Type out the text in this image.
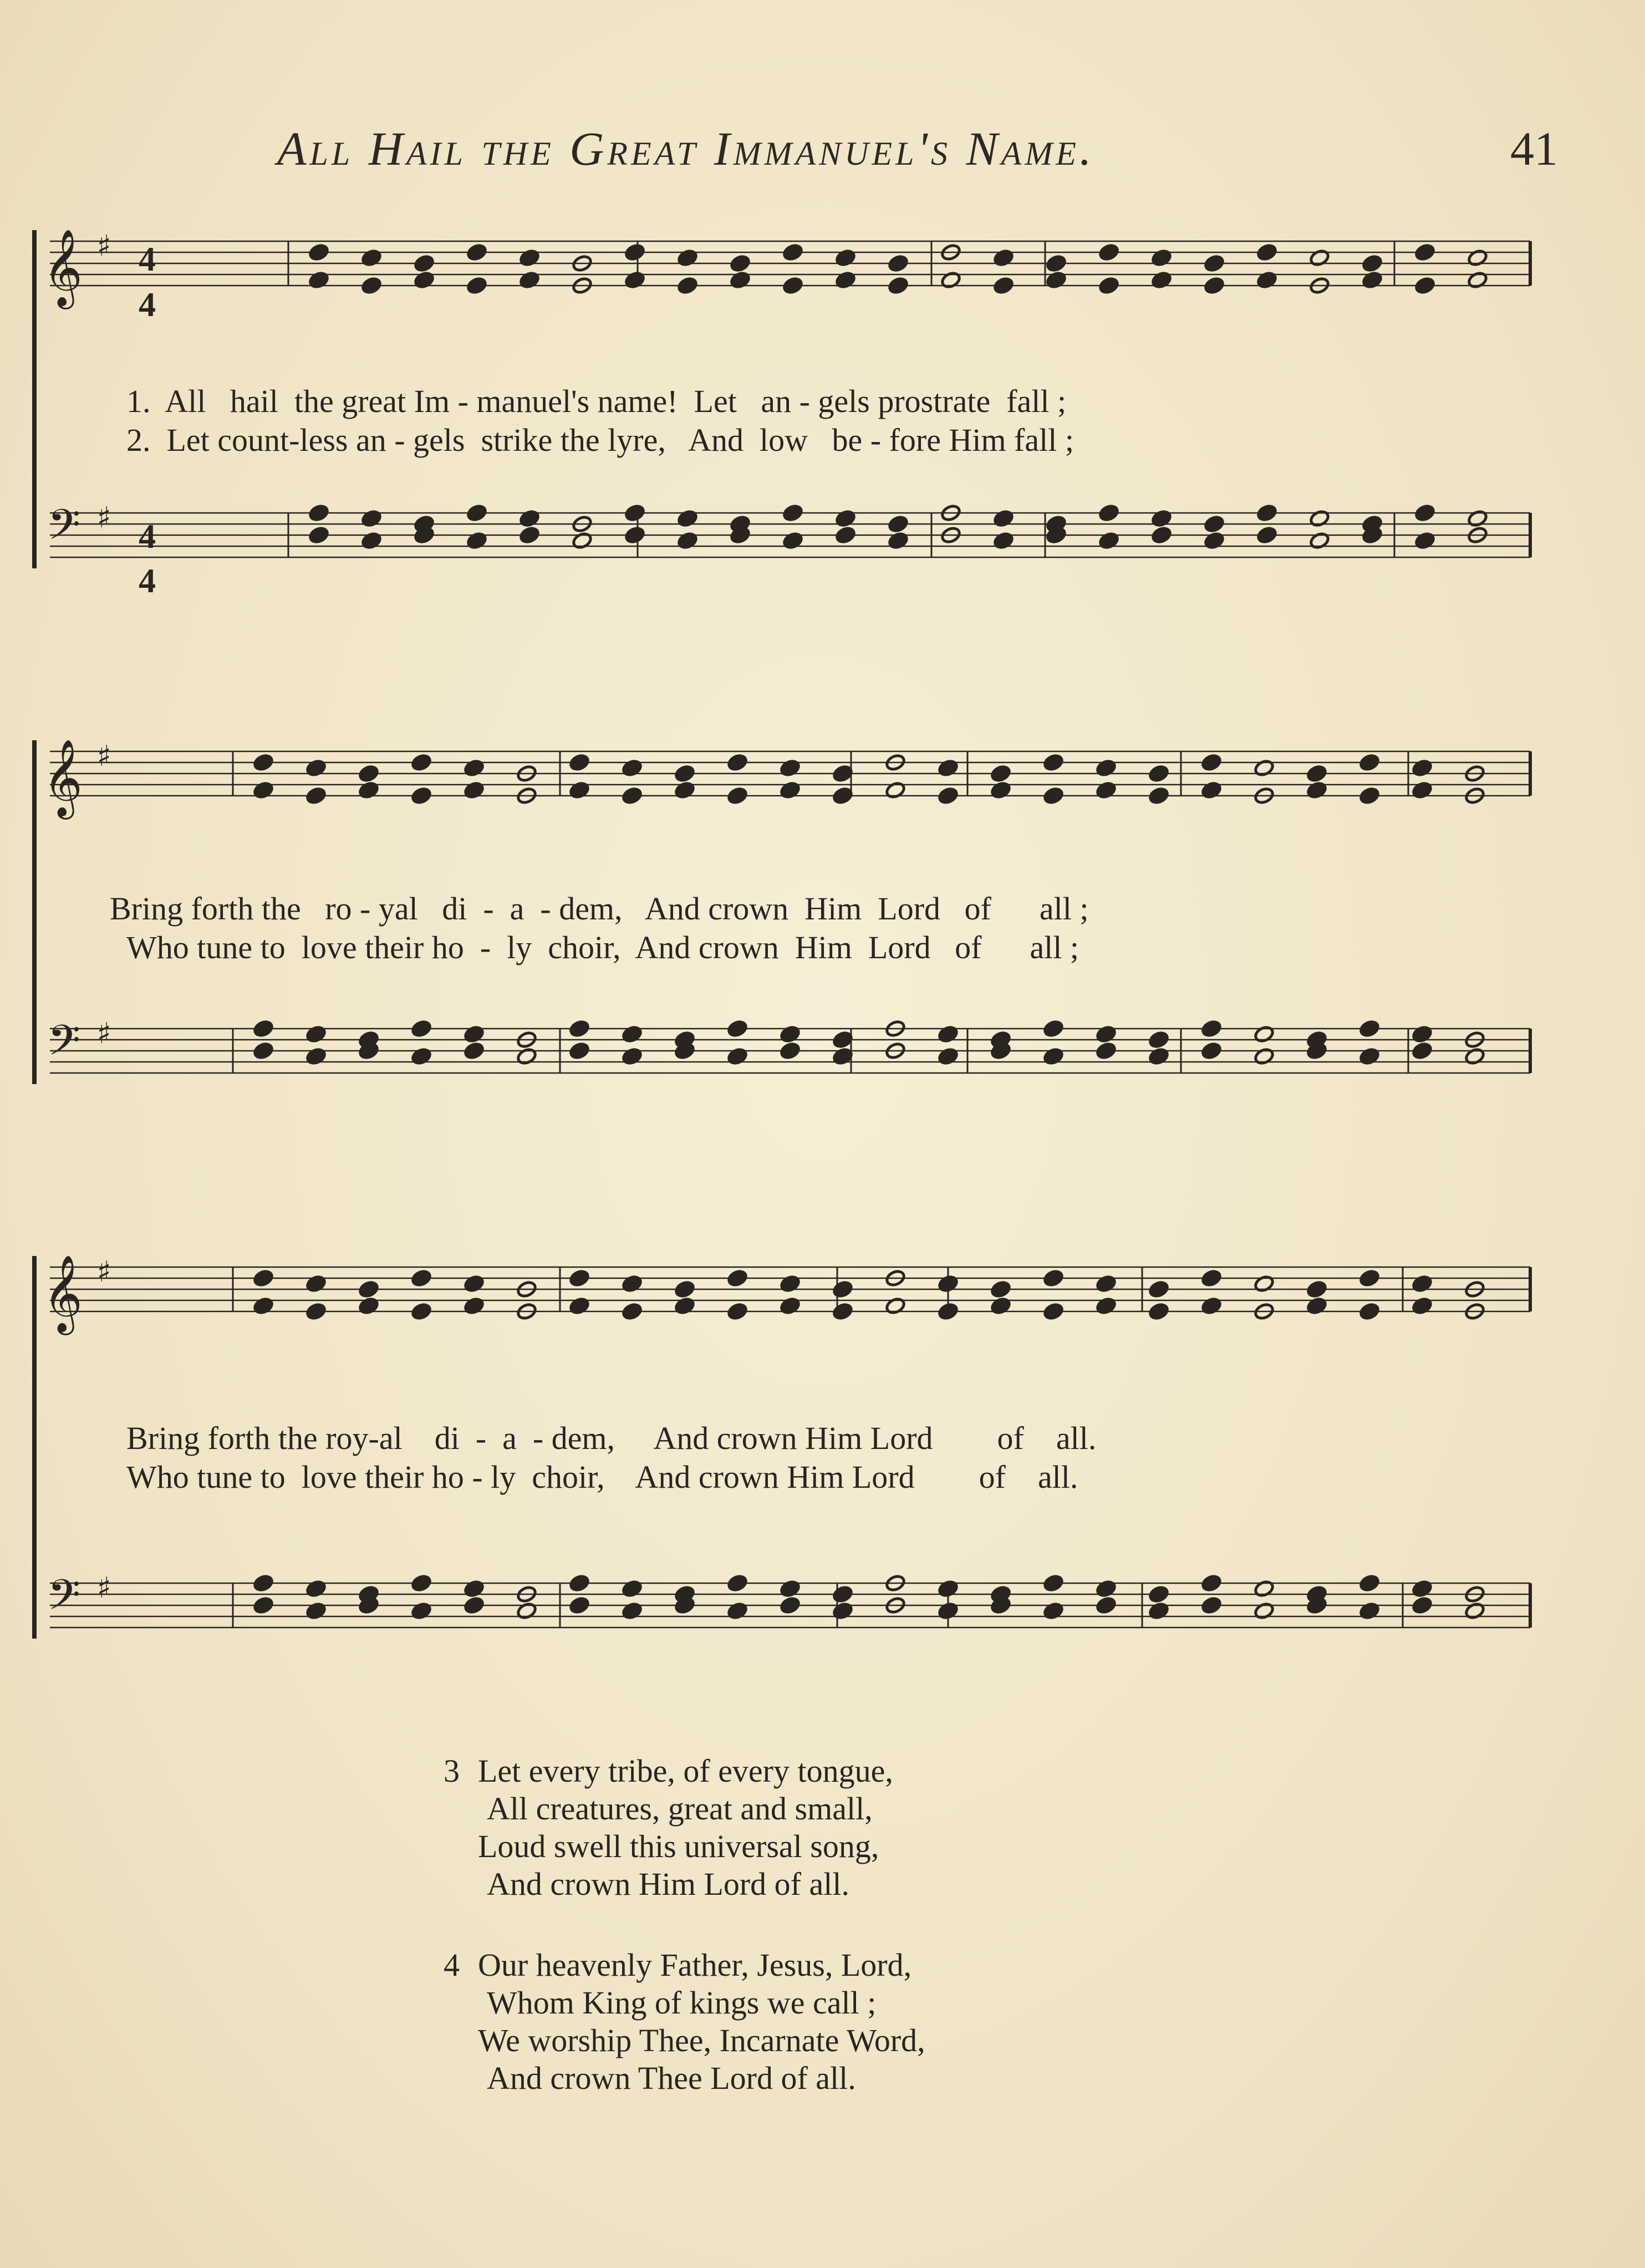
All Hail the Great Immanuel's Name.	41
𝄞 ♯
𝄢 ♯
𝄞 ♯
𝄢 ♯
𝄞 ♯
𝄢 ♯
4
4
4
4
1.  All   hail  the great Im - manuel's name!  Let   an - gels prostrate  fall ;
2.  Let count-less an - gels  strike the lyre,   And  low   be - fore Him fall ;
Bring forth the   ro - yal   di  -  a  - dem,   And crown  Him  Lord   of      all ;
Who tune to  love their ho  -  ly  choir,  And crown  Him  Lord   of      all ;
Bring forth the roy-al    di  -  a  - dem,     And crown Him Lord        of    all.
Who tune to  love their ho - ly  choir,    And crown Him Lord        of    all.
3 Let every tribe, of every tongue,
All creatures, great and small,
Loud swell this universal song,
And crown Him Lord of all.
4 Our heavenly Father, Jesus, Lord,
Whom King of kings we call ;
We worship Thee, Incarnate Word,
And crown Thee Lord of all.
